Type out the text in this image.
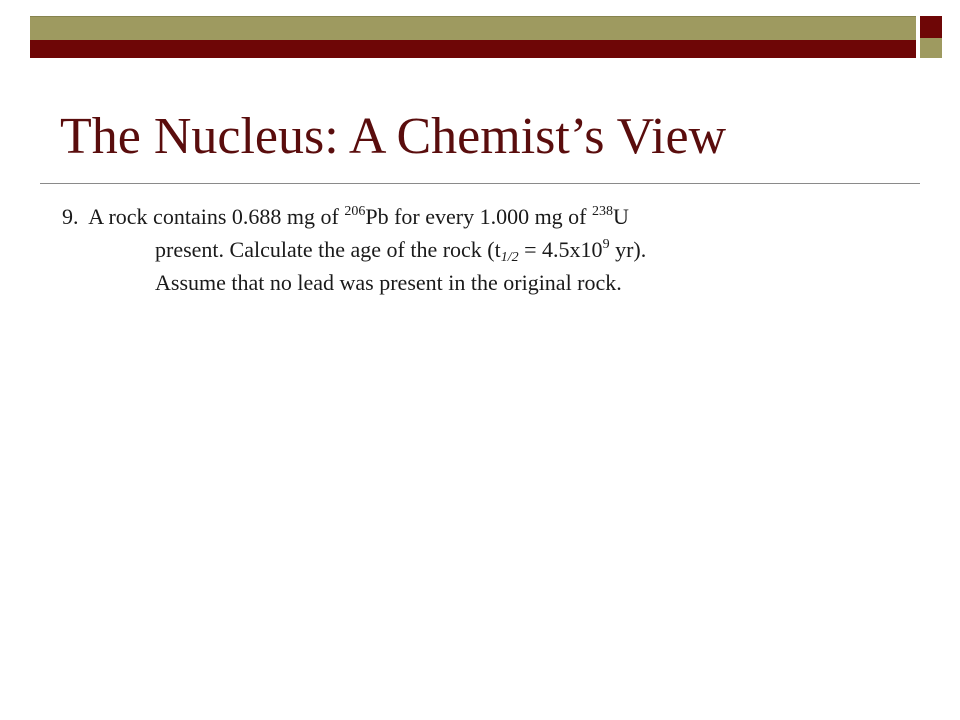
The Nucleus: A Chemist’s View
9. A rock contains 0.688 mg of $^{206}$Pb for every 1.000 mg of $^{238}$U
present. Calculate the age of the rock ($t_{1/2} = 4.5x10^9$ yr).
Assume that no lead was present in the original rock.
